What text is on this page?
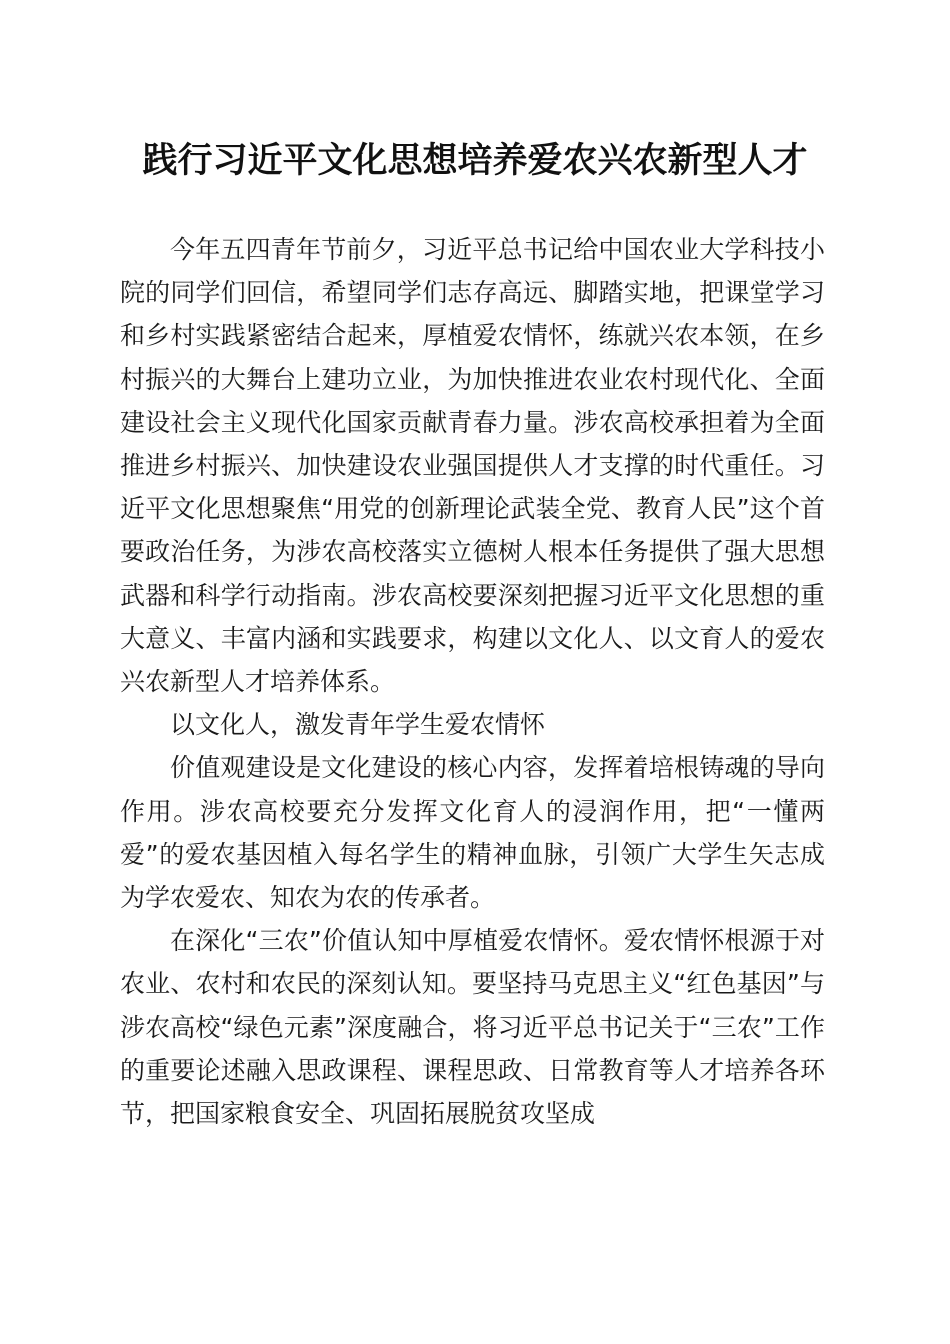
践行习近平文化思想培养爱农兴农新型人才

今年五四青年节前夕，习近平总书记给中国农业大学科技小院的同学们回信，希望同学们志存高远、脚踏实地，把课堂学习和乡村实践紧密结合起来，厚植爱农情怀，练就兴农本领，在乡村振兴的大舞台上建功立业，为加快推进农业农村现代化、全面建设社会主义现代化国家贡献青春力量。涉农高校承担着为全面推进乡村振兴、加快建设农业强国提供人才支撑的时代重任。习近平文化思想聚焦“用党的创新理论武装全党、教育人民”这个首要政治任务，为涉农高校落实立德树人根本任务提供了强大思想武器和科学行动指南。涉农高校要深刻把握习近平文化思想的重大意义、丰富内涵和实践要求，构建以文化人、以文育人的爱农兴农新型人才培养体系。

以文化人，激发青年学生爱农情怀

价值观建设是文化建设的核心内容，发挥着培根铸魂的导向作用。涉农高校要充分发挥文化育人的浸润作用，把“一懂两爱”的爱农基因植入每名学生的精神血脉，引领广大学生矢志成为学农爱农、知农为农的传承者。

在深化“三农”价值认知中厚植爱农情怀。爱农情怀根源于对农业、农村和农民的深刻认知。要坚持马克思主义“红色基因”与涉农高校“绿色元素”深度融合，将习近平总书记关于“三农”工作的重要论述融入思政课程、课程思政、日常教育等人才培养各环节，把国家粮食安全、巩固拓展脱贫攻坚成
